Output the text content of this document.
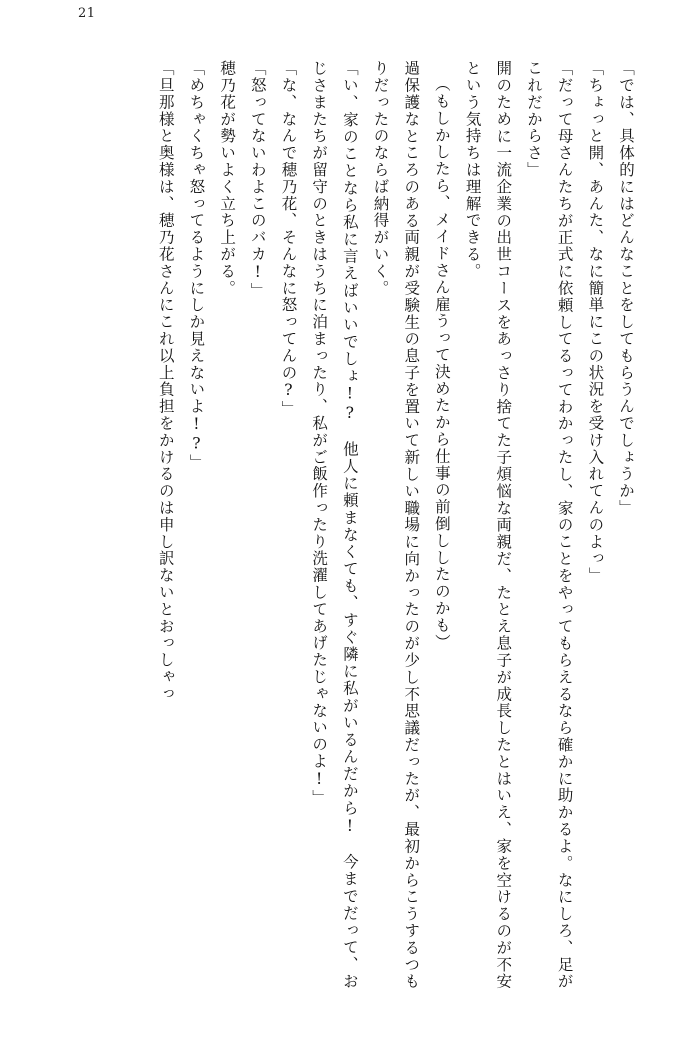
21

「では、具体的にはどんなことをしてもらうんでしょうか」

「ちょっと開、あんた、なに簡単にこの状況を受け入れてんのよっ」

「だって母さんたちが正式に依頼してるってわかったし、家のことをやってもらえるなら確かに助かるよ。なにしろ、足がこれだからさ」

開のために一流企業の出世コースをあっさり捨てた子煩悩な両親だ、たとえ息子が成長したとはいえ、家を空けるのが不安という気持ちは理解できる。

（もしかしたら、メイドさん雇うって決めたから仕事の前倒ししたのかも）

過保護なところのある両親が受験生の息子を置いて新しい職場に向かったのが少し不思議だったが、最初からこうするつもりだったのならば納得がいく。

「い、家のことなら私に言えばいいでしょ!?　他人に頼まなくても、すぐ隣に私がいるんだから!　今までだって、おじさまたちが留守のときはうちに泊まったり、私がご飯作ったり洗濯してあげたじゃないのよ!」

「な、なんで穂乃花、そんなに怒ってんの?」

「怒ってないわよこのバカ!」

穂乃花が勢いよく立ち上がる。

「めちゃくちゃ怒ってるようにしか見えないよ!?」

「旦那様と奥様は、穂乃花さんにこれ以上負担をかけるのは申し訳ないとおっしゃっ
